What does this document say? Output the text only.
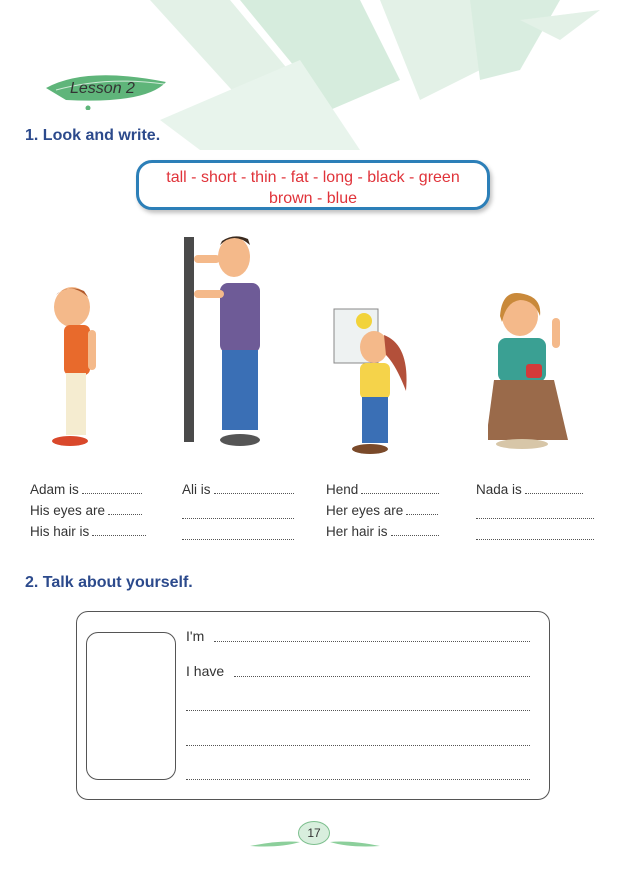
Lesson 2
1. Look and write.
tall - short - thin - fat - long - black - green
brown - blue
Adam is
His eyes are
His hair is
Ali is	Hend
Her eyes are
Her hair is
Nada is
2. Talk about yourself.
I'm
I have
17
